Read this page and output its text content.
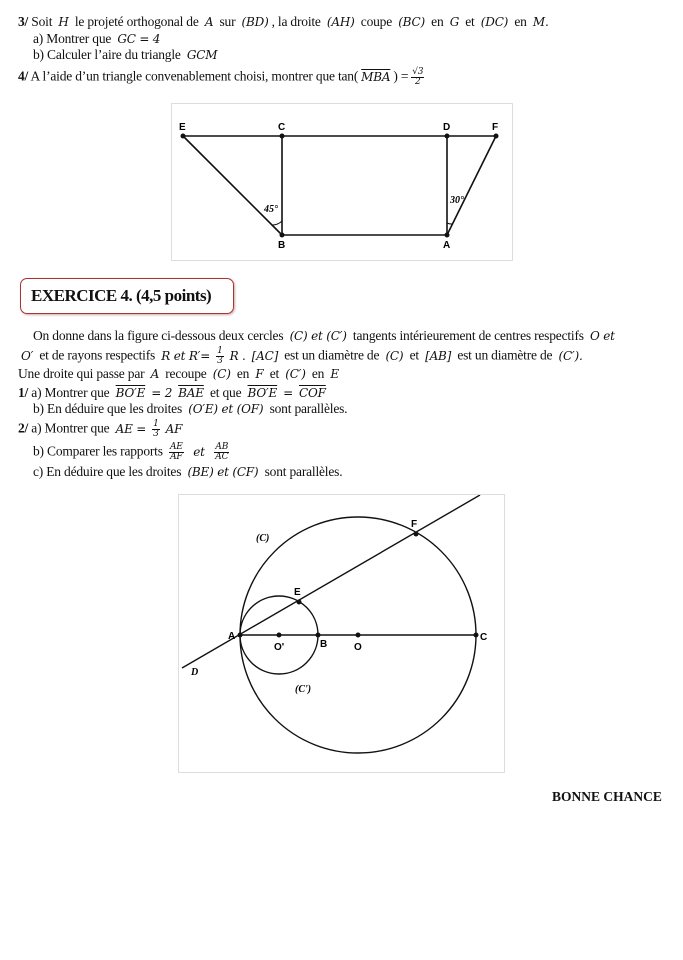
3/ Soit H le projeté orthogonal de A sur (BD) , la droite (AH) coupe (BC) en G et (DC) en M.
a) Montrer que GC = 4
b) Calculer l’aire du triangle GCM
4/ A l’aide d’un triangle convenablement choisi, montrer que tan( $\overline{MBA}$ ) = $\frac{√3}{2}$
On donne dans la figure ci-dessous deux cercles (C) et (C′) tangents intérieurement de centres respectifs O et
O′ et de rayons respectifs R et $R'= \frac{1}{3}$ R . [AC] est un diamètre de (C) et [AB] est un diamètre de (C′).
Une droite qui passe par A recoupe (C) en F et (C′) en E
1/ a) Montrer que BO′E = 2 $\overline{BAE}$ et que $BO'E = \overline{COF}$
b) En déduire que les droites (O′E) et (OF) sont parallèles.
2/ a) Montrer que AE = $\frac{1}{3}$ AF
b) Comparer les rapports $\frac{AE}{AF}$ et $\frac{AB}{AC}$
c) En déduire que les droites (BE) et (CF) sont parallèles.
EXERCICE 4. (4,5 points)
E	C	D	F
B	A
45°
30°
A
O'	B	O
C
E
F
D
(C)
(C')
BONNE CHANCE
